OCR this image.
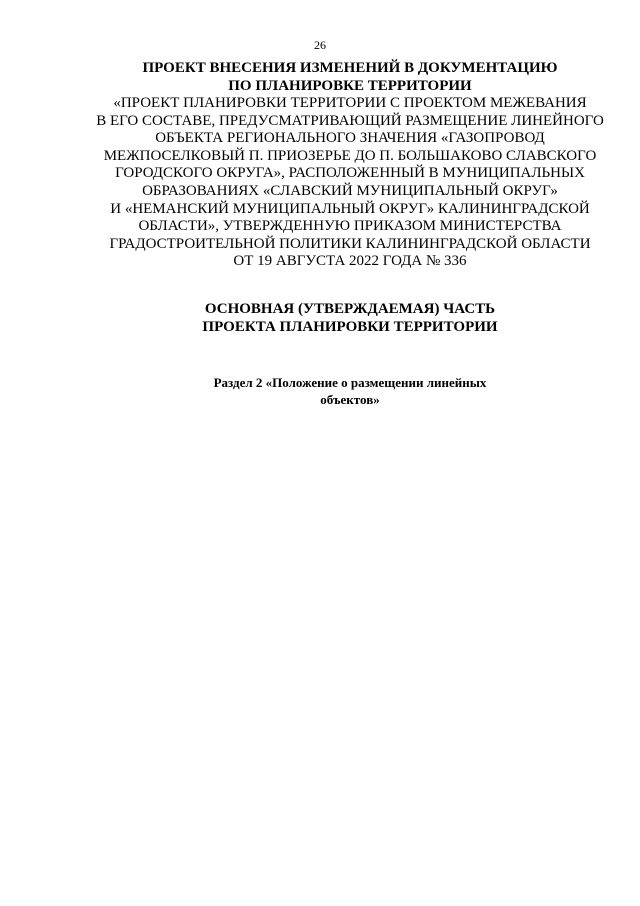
26
ПРОЕКТ ВНЕСЕНИЯ ИЗМЕНЕНИЙ В ДОКУМЕНТАЦИЮ
ПО ПЛАНИРОВКЕ ТЕРРИТОРИИ
«ПРОЕКТ ПЛАНИРОВКИ ТЕРРИТОРИИ С ПРОЕКТОМ МЕЖЕВАНИЯ
В ЕГО СОСТАВЕ, ПРЕДУСМАТРИВАЮЩИЙ РАЗМЕЩЕНИЕ ЛИНЕЙНОГО
ОБЪЕКТА РЕГИОНАЛЬНОГО ЗНАЧЕНИЯ «ГАЗОПРОВОД
МЕЖПОСЕЛКОВЫЙ П. ПРИОЗЕРЬЕ ДО П. БОЛЬШАКОВО СЛАВСКОГО
ГОРОДСКОГО ОКРУГА», РАСПОЛОЖЕННЫЙ В МУНИЦИПАЛЬНЫХ
ОБРАЗОВАНИЯХ «СЛАВСКИЙ МУНИЦИПАЛЬНЫЙ ОКРУГ»
И «НЕМАНСКИЙ МУНИЦИПАЛЬНЫЙ ОКРУГ» КАЛИНИНГРАДСКОЙ
ОБЛАСТИ», УТВЕРЖДЕННУЮ ПРИКАЗОМ МИНИСТЕРСТВА
ГРАДОСТРОИТЕЛЬНОЙ ПОЛИТИКИ КАЛИНИНГРАДСКОЙ ОБЛАСТИ
ОТ 19 АВГУСТА 2022 ГОДА № 336
ОСНОВНАЯ (УТВЕРЖДАЕМАЯ) ЧАСТЬ
ПРОЕКТА ПЛАНИРОВКИ ТЕРРИТОРИИ
Раздел 2 «Положение о размещении линейных
объектов»
